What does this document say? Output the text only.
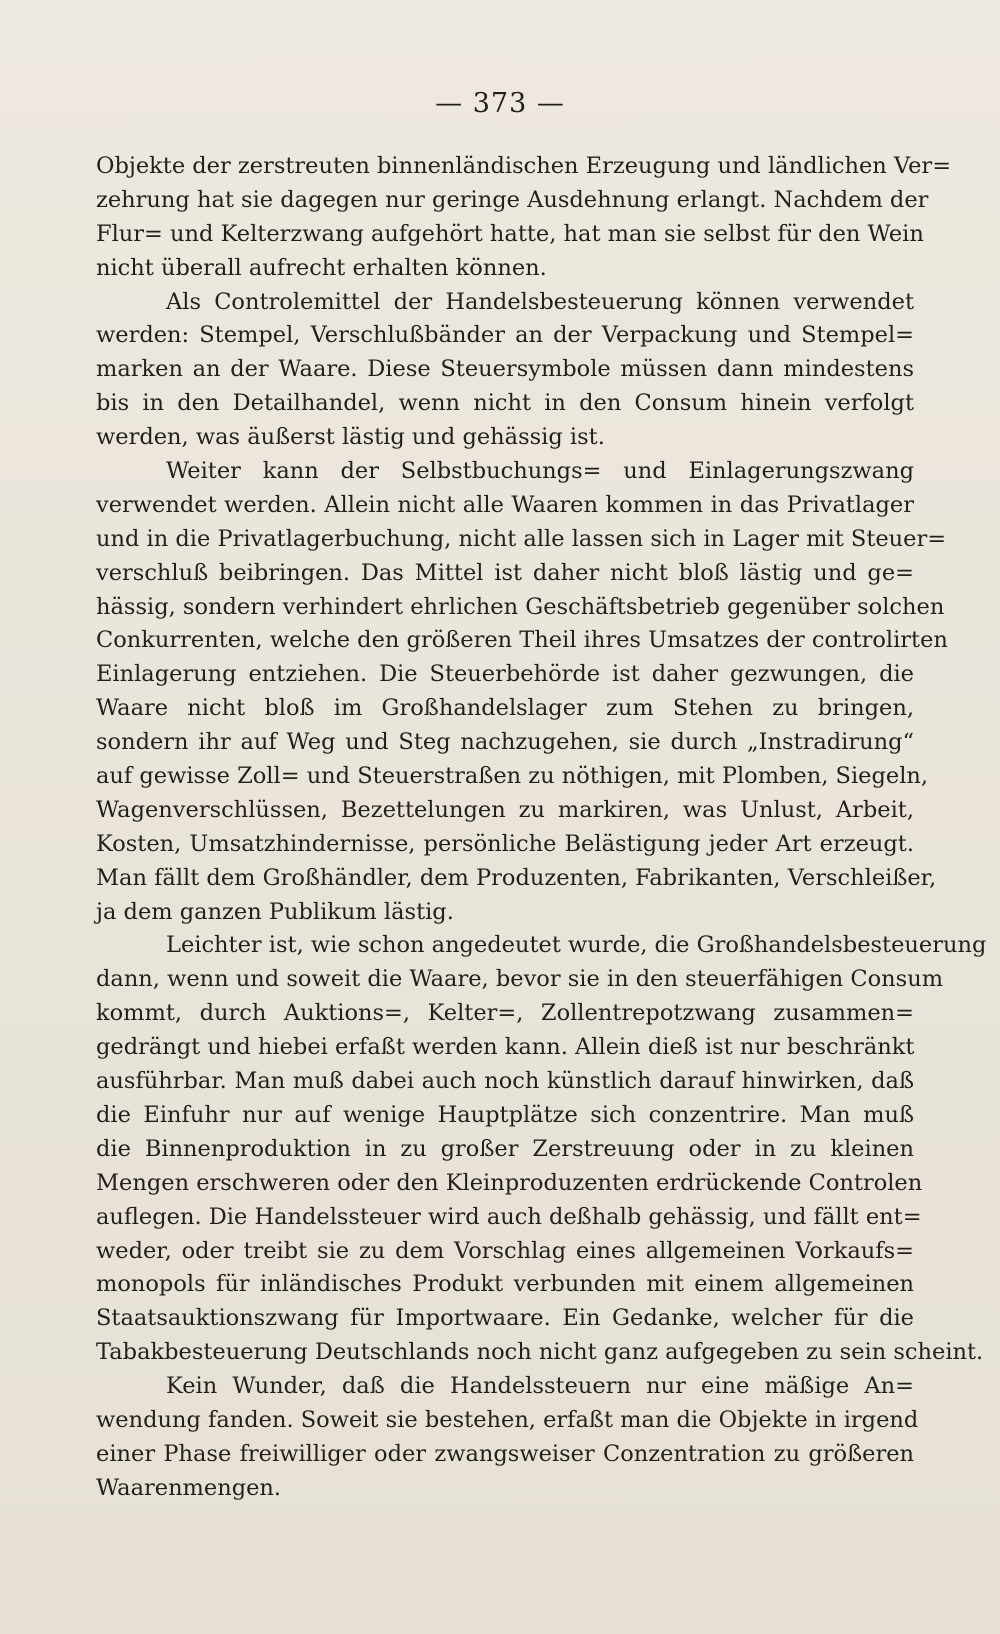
— 373 —
Objekte der zerstreuten binnenländischen Erzeugung und ländlichen Ver=
zehrung hat sie dagegen nur geringe Ausdehnung erlangt. Nachdem der
Flur= und Kelterzwang aufgehört hatte, hat man sie selbst für den Wein
nicht überall aufrecht erhalten können.
Als Controlemittel der Handelsbesteuerung können verwendet
werden: Stempel, Verschlußbänder an der Verpackung und Stempel=
marken an der Waare. Diese Steuersymbole müssen dann mindestens
bis in den Detailhandel, wenn nicht in den Consum hinein verfolgt
werden, was äußerst lästig und gehässig ist.
Weiter kann der Selbstbuchungs= und Einlagerungszwang
verwendet werden. Allein nicht alle Waaren kommen in das Privatlager
und in die Privatlagerbuchung, nicht alle lassen sich in Lager mit Steuer=
verschluß beibringen. Das Mittel ist daher nicht bloß lästig und ge=
hässig, sondern verhindert ehrlichen Geschäftsbetrieb gegenüber solchen
Conkurrenten, welche den größeren Theil ihres Umsatzes der controlirten
Einlagerung entziehen. Die Steuerbehörde ist daher gezwungen, die
Waare nicht bloß im Großhandelslager zum Stehen zu bringen,
sondern ihr auf Weg und Steg nachzugehen, sie durch „Instradirung“
auf gewisse Zoll= und Steuerstraßen zu nöthigen, mit Plomben, Siegeln,
Wagenverschlüssen, Bezettelungen zu markiren, was Unlust, Arbeit,
Kosten, Umsatzhindernisse, persönliche Belästigung jeder Art erzeugt.
Man fällt dem Großhändler, dem Produzenten, Fabrikanten, Verschleißer,
ja dem ganzen Publikum lästig.
Leichter ist, wie schon angedeutet wurde, die Großhandelsbesteuerung
dann, wenn und soweit die Waare, bevor sie in den steuerfähigen Consum
kommt, durch Auktions=, Kelter=, Zollentrepotzwang zusammen=
gedrängt und hiebei erfaßt werden kann. Allein dieß ist nur beschränkt
ausführbar. Man muß dabei auch noch künstlich darauf hinwirken, daß
die Einfuhr nur auf wenige Hauptplätze sich conzentrire. Man muß
die Binnenproduktion in zu großer Zerstreuung oder in zu kleinen
Mengen erschweren oder den Kleinproduzenten erdrückende Controlen
auflegen. Die Handelssteuer wird auch deßhalb gehässig, und fällt ent=
weder, oder treibt sie zu dem Vorschlag eines allgemeinen Vorkaufs=
monopols für inländisches Produkt verbunden mit einem allgemeinen
Staatsauktionszwang für Importwaare. Ein Gedanke, welcher für die
Tabakbesteuerung Deutschlands noch nicht ganz aufgegeben zu sein scheint.
Kein Wunder, daß die Handelssteuern nur eine mäßige An=
wendung fanden. Soweit sie bestehen, erfaßt man die Objekte in irgend
einer Phase freiwilliger oder zwangsweiser Conzentration zu größeren
Waarenmengen.
